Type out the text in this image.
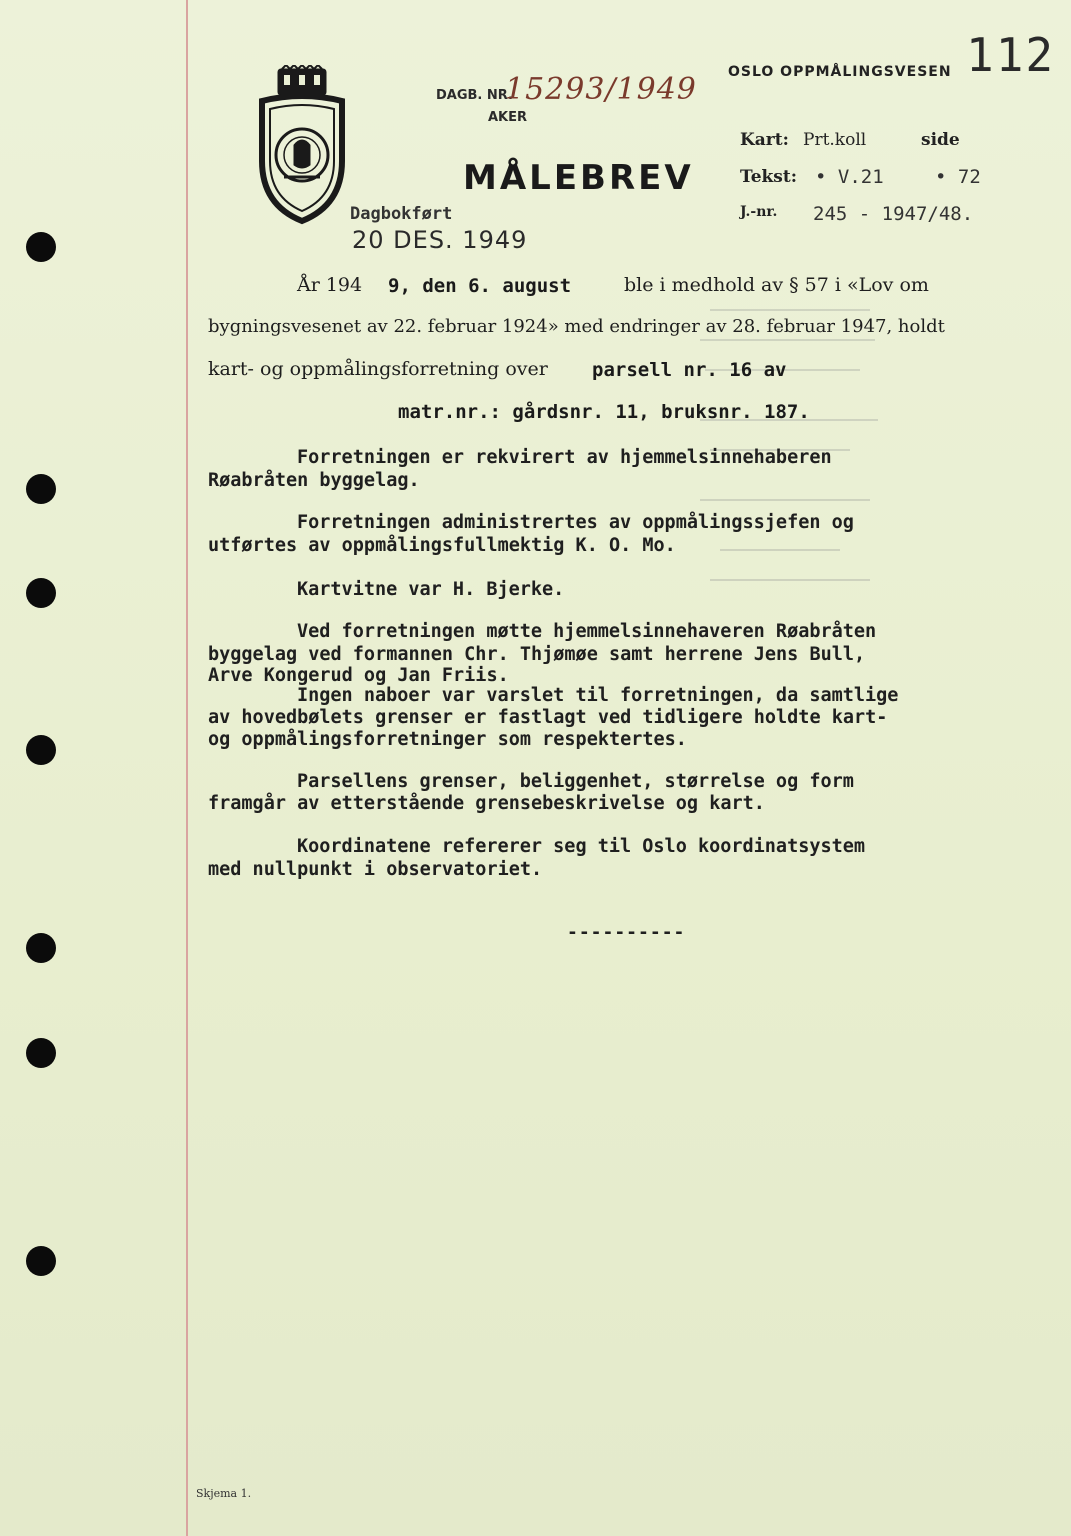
112
DAGB. NR.
15293/1949
AKER
MÅLEBREV
Dagbokført
20 DES. 1949
OSLO OPPMÅLINGSVESEN
Kart: Prt.koll	side
Tekst: • V.21	• 72
J.-nr. 245 - 1947/48.
År 194 9, den 6. august	ble i medhold av § 57 i «Lov om
bygningsvesenet av 22. februar 1924» med endringer av 28. februar 1947, holdt
kart- og oppmålingsforretning over parsell nr. 16 av
matr.nr.: gårdsnr. 11, bruksnr. 187.
Forretningen er rekvirert av hjemmelsinnehaberen
Røabråten byggelag.
Forretningen administrertes av oppmålingssjefen og
utførtes av oppmålingsfullmektig K. O. Mo.
Kartvitne var H. Bjerke.
Ved forretningen møtte hjemmelsinnehaveren Røabråten
byggelag ved formannen Chr. Thjømøe samt herrene Jens Bull,
Arve Kongerud og Jan Friis.
Ingen naboer var varslet til forretningen, da samtlige
av hovedbølets grenser er fastlagt ved tidligere holdte kart-
og oppmålingsforretninger som respektertes.
Parsellens grenser, beliggenhet, størrelse og form
framgår av etterstående grensebeskrivelse og kart.
Koordinatene refererer seg til Oslo koordinatsystem
med nullpunkt i observatoriet.
----------
Skjema 1.
